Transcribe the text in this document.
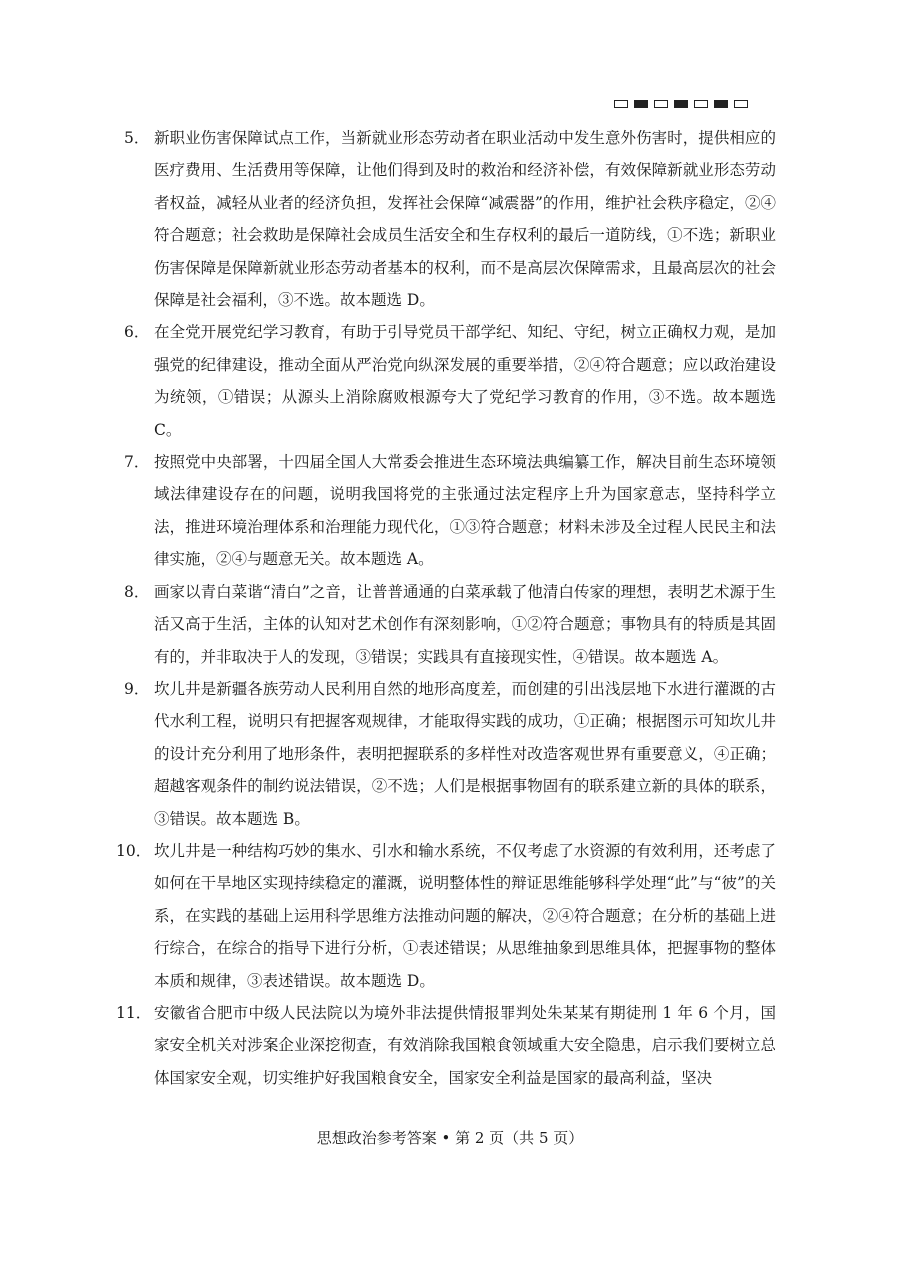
5． 新职业伤害保障试点工作，当新就业形态劳动者在职业活动中发生意外伤害时，提供相应的医疗费用、生活费用等保障，让他们得到及时的救治和经济补偿，有效保障新就业形态劳动者权益，减轻从业者的经济负担，发挥社会保障“减震器”的作用，维护社会秩序稳定，②④符合题意；社会救助是保障社会成员生活安全和生存权利的最后一道防线，①不选；新职业伤害保障是保障新就业形态劳动者基本的权利，而不是高层次保障需求，且最高层次的社会保障是社会福利，③不选。故本题选 D。
6． 在全党开展党纪学习教育，有助于引导党员干部学纪、知纪、守纪，树立正确权力观，是加强党的纪律建设，推动全面从严治党向纵深发展的重要举措，②④符合题意；应以政治建设为统领，①错误；从源头上消除腐败根源夸大了党纪学习教育的作用，③不选。故本题选 C。
7． 按照党中央部署，十四届全国人大常委会推进生态环境法典编纂工作，解决目前生态环境领域法律建设存在的问题，说明我国将党的主张通过法定程序上升为国家意志，坚持科学立法，推进环境治理体系和治理能力现代化，①③符合题意；材料未涉及全过程人民民主和法律实施，②④与题意无关。故本题选 A。
8． 画家以青白菜谐“清白”之音，让普普通通的白菜承载了他清白传家的理想，表明艺术源于生活又高于生活，主体的认知对艺术创作有深刻影响，①②符合题意；事物具有的特质是其固有的，并非取决于人的发现，③错误；实践具有直接现实性，④错误。故本题选 A。
9． 坎儿井是新疆各族劳动人民利用自然的地形高度差，而创建的引出浅层地下水进行灌溉的古代水利工程，说明只有把握客观规律，才能取得实践的成功，①正确；根据图示可知坎儿井的设计充分利用了地形条件，表明把握联系的多样性对改造客观世界有重要意义，④正确；超越客观条件的制约说法错误，②不选；人们是根据事物固有的联系建立新的具体的联系，③错误。故本题选 B。
10． 坎儿井是一种结构巧妙的集水、引水和输水系统，不仅考虑了水资源的有效利用，还考虑了如何在干旱地区实现持续稳定的灌溉，说明整体性的辩证思维能够科学处理“此”与“彼”的关系，在实践的基础上运用科学思维方法推动问题的解决，②④符合题意；在分析的基础上进行综合，在综合的指导下进行分析，①表述错误；从思维抽象到思维具体，把握事物的整体本质和规律，③表述错误。故本题选 D。
11． 安徽省合肥市中级人民法院以为境外非法提供情报罪判处朱某某有期徒刑 1 年 6 个月，国家安全机关对涉案企业深挖彻查，有效消除我国粮食领域重大安全隐患，启示我们要树立总体国家安全观，切实维护好我国粮食安全，国家安全利益是国家的最高利益，坚决
思想政治参考答案 • 第 2 页（共 5 页）
